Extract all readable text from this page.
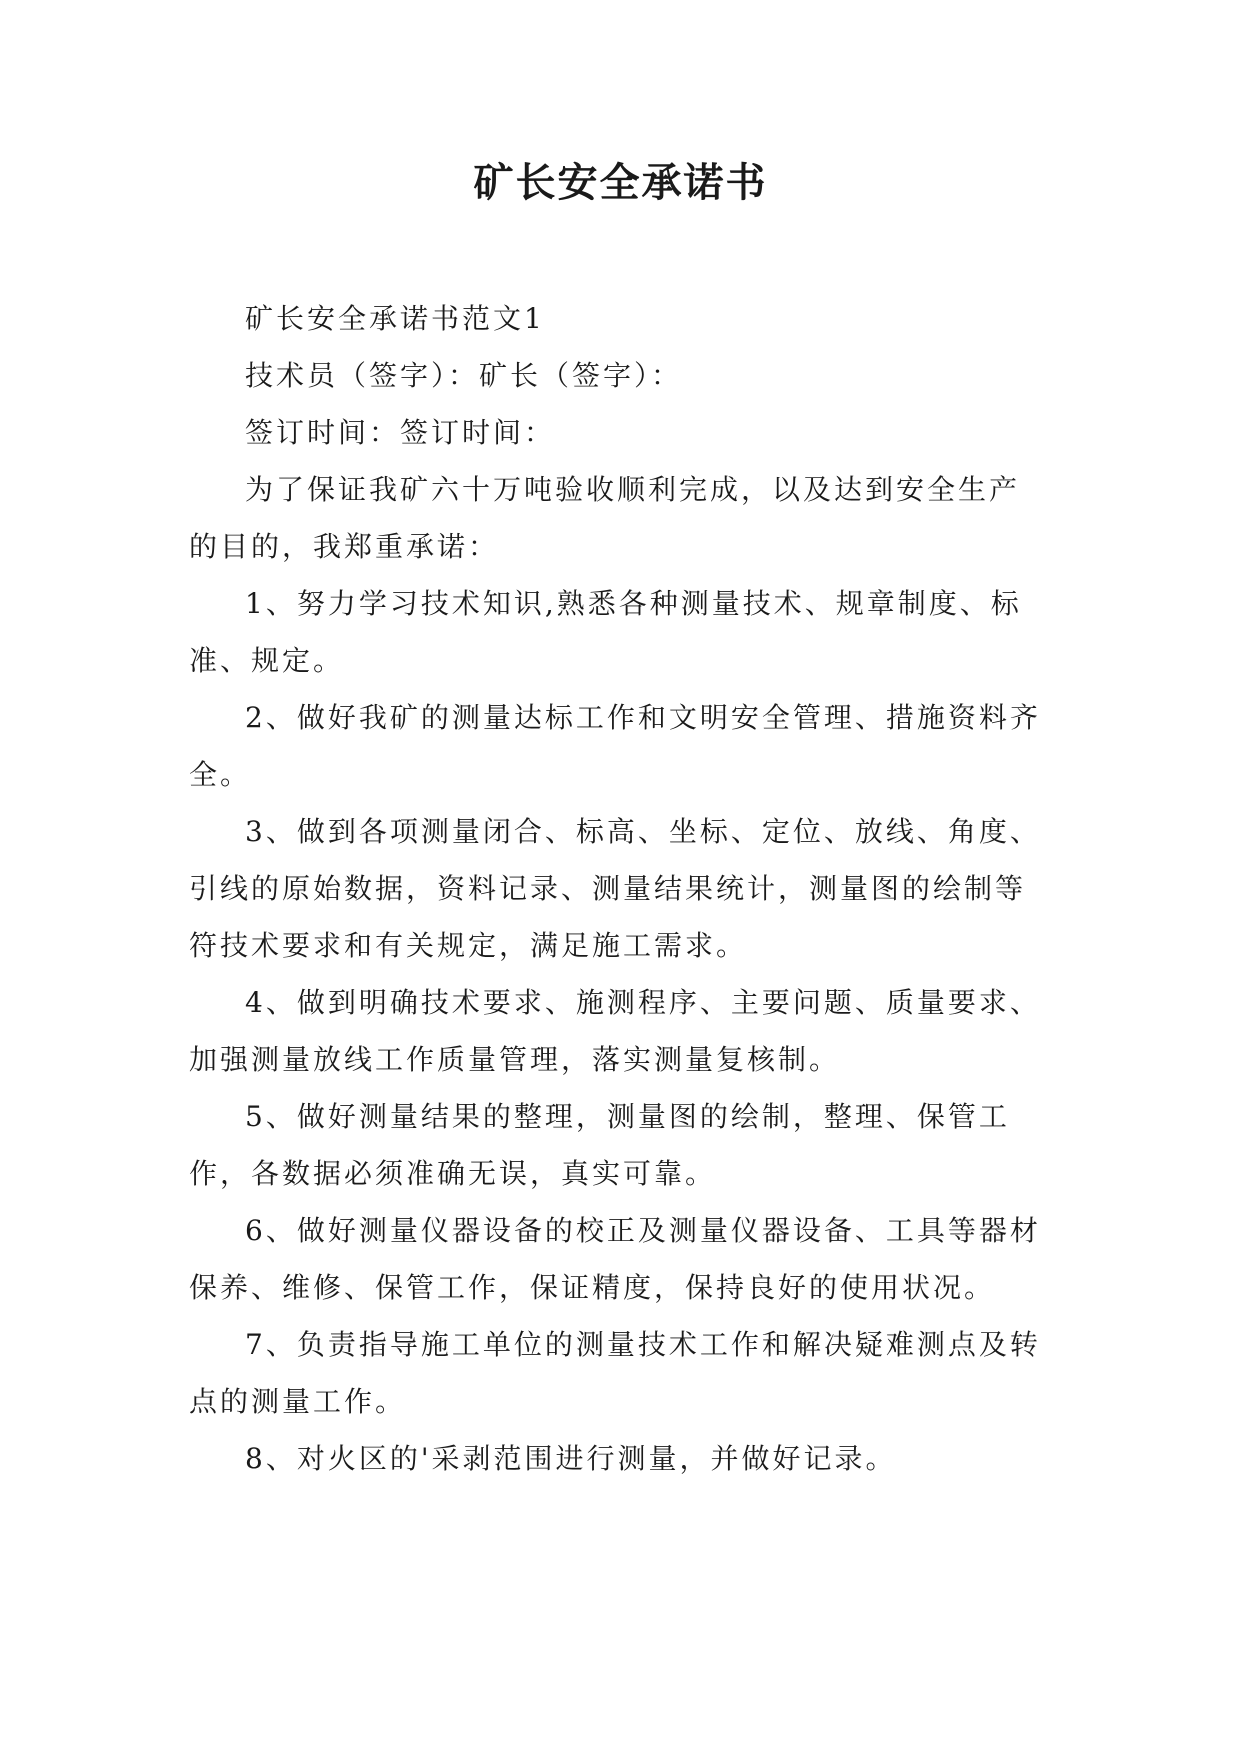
矿长安全承诺书

矿长安全承诺书范文1

技术员（签字）：矿长（签字）：

签订时间：签订时间：

为了保证我矿六十万吨验收顺利完成，以及达到安全生产的目的，我郑重承诺：

1、努力学习技术知识,熟悉各种测量技术、规章制度、标准、规定。

2、做好我矿的测量达标工作和文明安全管理、措施资料齐全。

3、做到各项测量闭合、标高、坐标、定位、放线、角度、引线的原始数据，资料记录、测量结果统计，测量图的绘制等符技术要求和有关规定，满足施工需求。

4、做到明确技术要求、施测程序、主要问题、质量要求、加强测量放线工作质量管理，落实测量复核制。

5、做好测量结果的整理，测量图的绘制，整理、保管工作，各数据必须准确无误，真实可靠。

6、做好测量仪器设备的校正及测量仪器设备、工具等器材保养、维修、保管工作，保证精度，保持良好的使用状况。

7、负责指导施工单位的测量技术工作和解决疑难测点及转点的测量工作。

8、对火区的'采剥范围进行测量，并做好记录。
